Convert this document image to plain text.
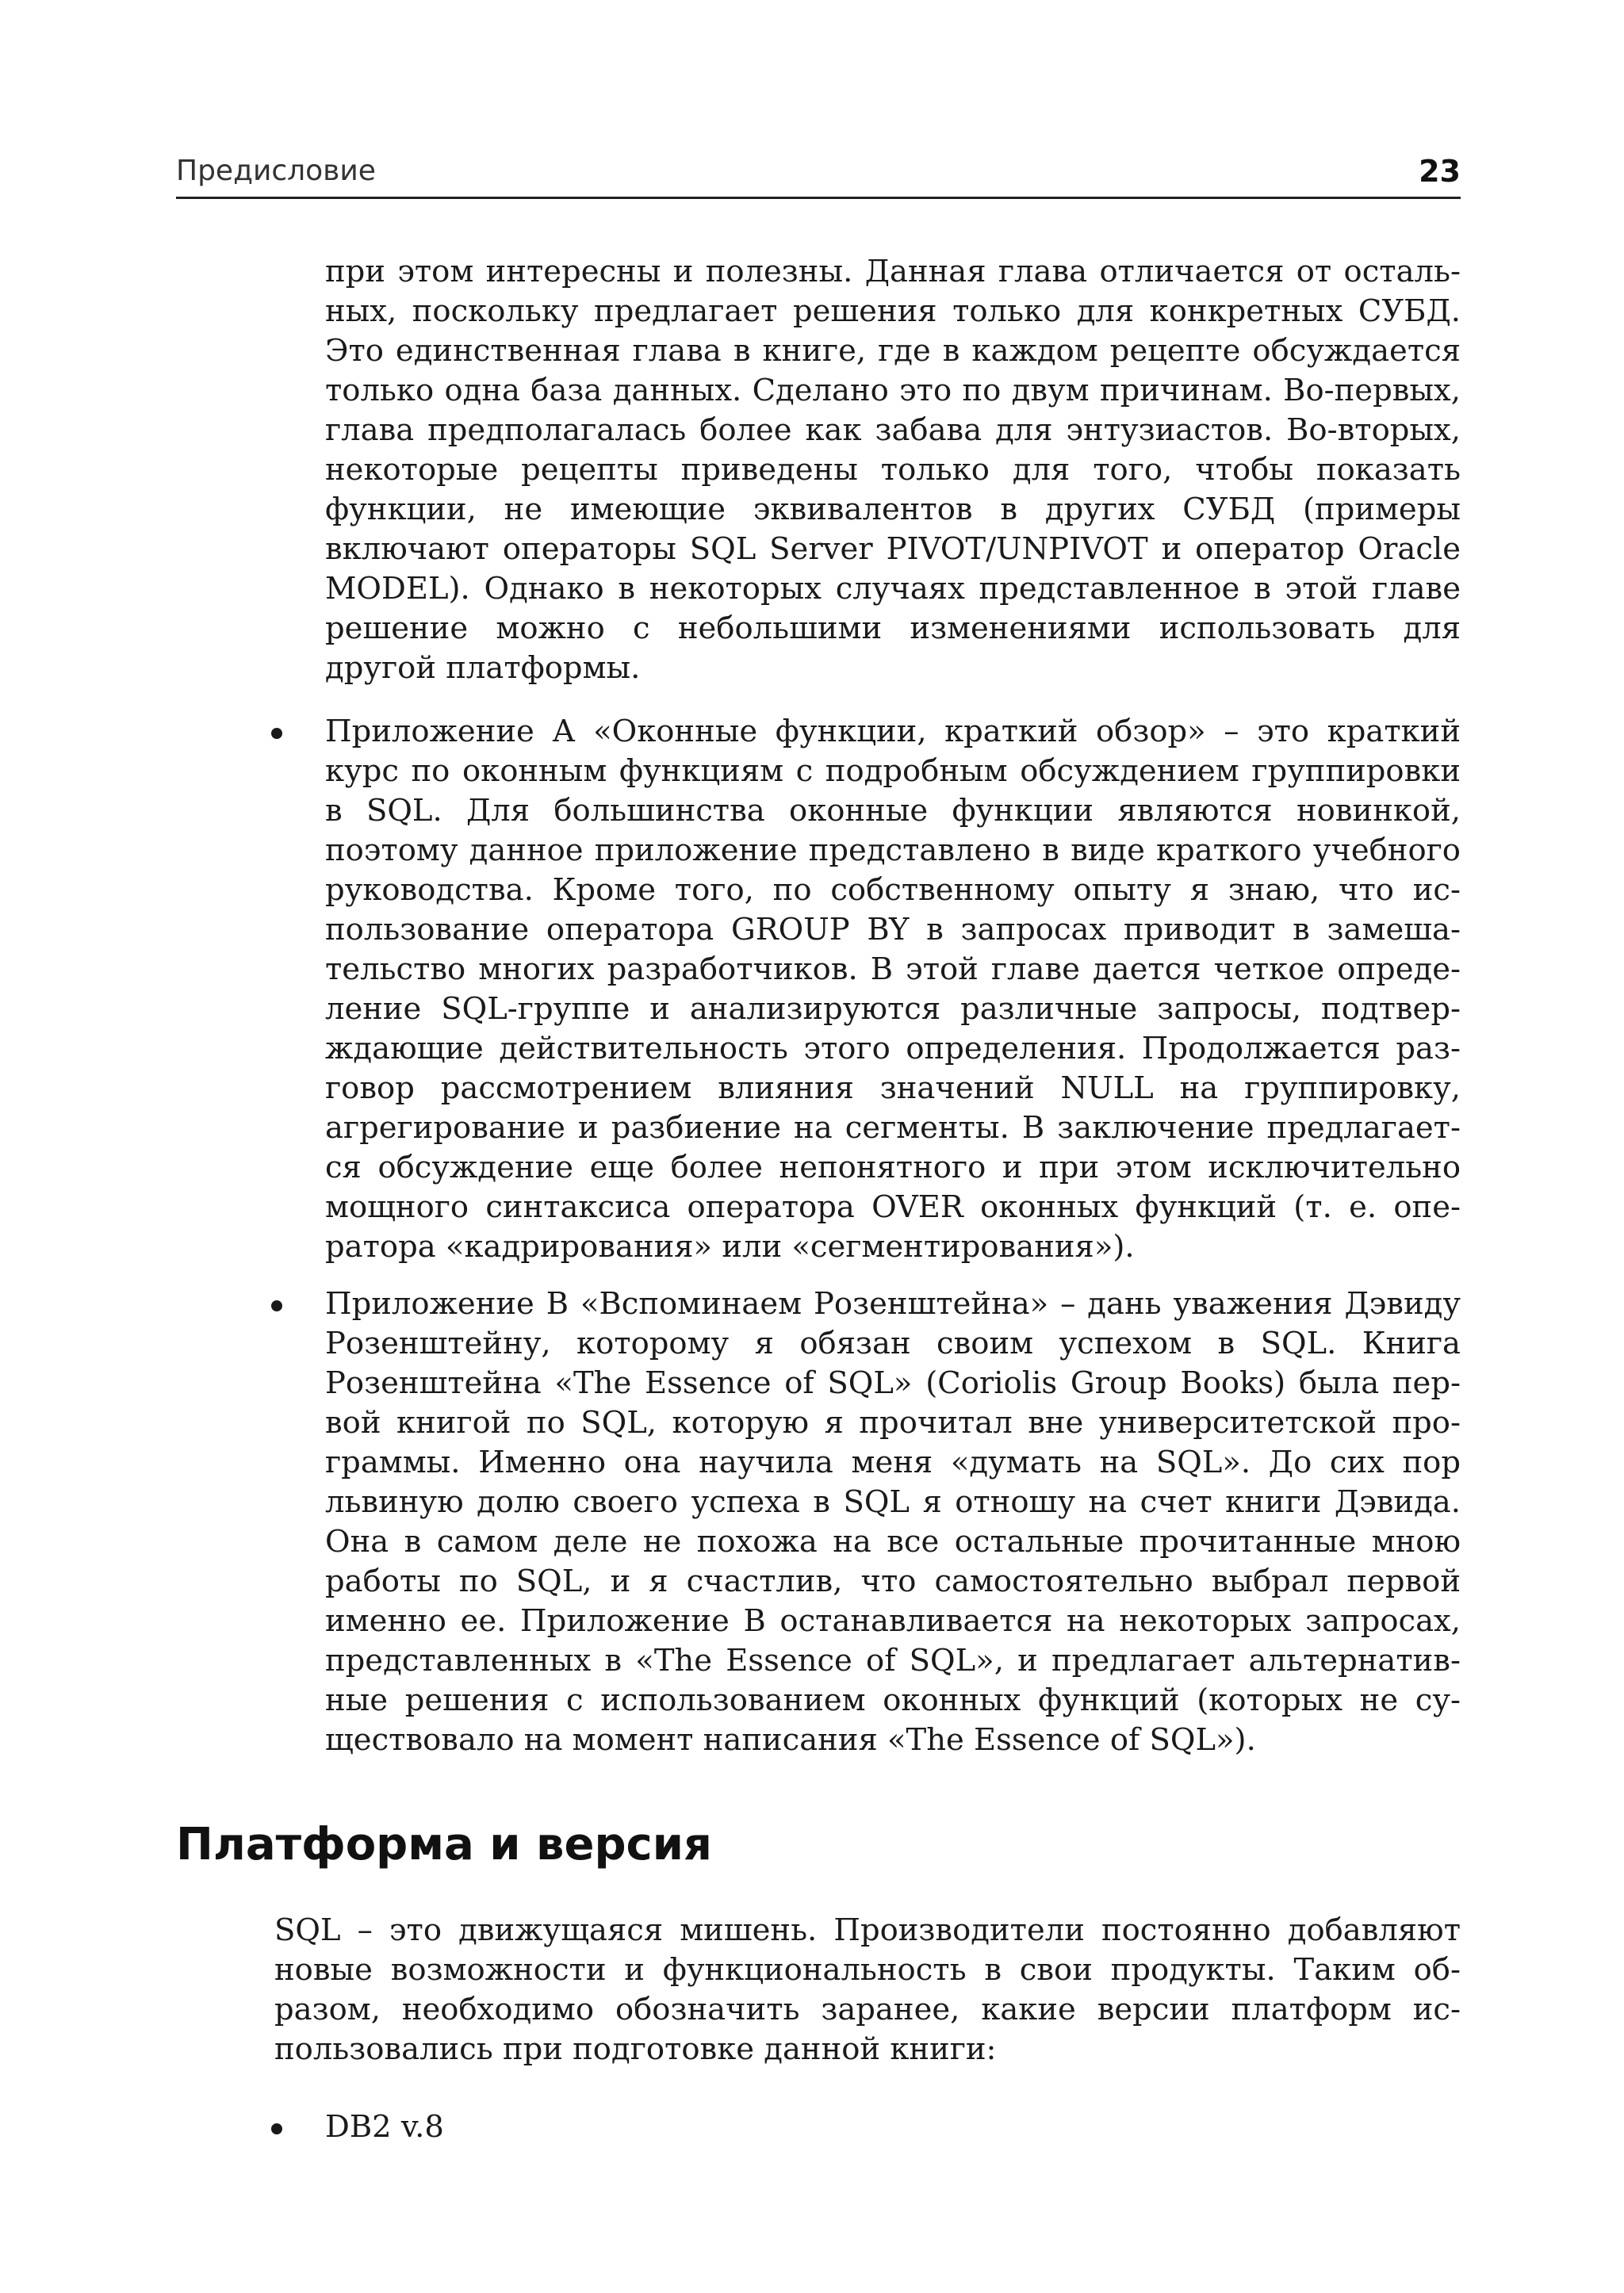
Предисловие	23

при этом интересны и полезны. Данная глава отличается от остальных, поскольку предлагает решения только для конкретных СУБД. Это единственная глава в книге, где в каждом рецепте обсуждается только одна база данных. Сделано это по двум причинам. Во-первых, глава предполагалась более как забава для энтузиастов. Во-вторых, некоторые рецепты приведены только для того, чтобы показать функции, не имеющие эквивалентов в других СУБД (примеры включают операторы SQL Server PIVOT/UNPIVOT и оператор Oracle MODEL). Однако в некоторых случаях представленное в этой главе решение можно с небольшими изменениями использовать для другой платформы.

Приложение А «Оконные функции, краткий обзор» – это краткий курс по оконным функциям с подробным обсуждением группировки в SQL. Для большинства оконные функции являются новинкой, поэтому данное приложение представлено в виде краткого учебного руководства. Кроме того, по собственному опыту я знаю, что использование оператора GROUP BY в запросах приводит в замешательство многих разработчиков. В этой главе дается четкое определение SQL-группе и анализируются различные запросы, подтверждающие действительность этого определения. Продолжается разговор рассмотрением влияния значений NULL на группировку, агрегирование и разбиение на сегменты. В заключение предлагается обсуждение еще более непонятного и при этом исключительно мощного синтаксиса оператора OVER оконных функций (т. е. оператора «кадрирования» или «сегментирования»).

Приложение В «Вспоминаем Розенштейна» – дань уважения Дэвиду Розенштейну, которому я обязан своим успехом в SQL. Книга Розенштейна «The Essence of SQL» (Coriolis Group Books) была первой книгой по SQL, которую я прочитал вне университетской программы. Именно она научила меня «думать на SQL». До сих пор львиную долю своего успеха в SQL я отношу на счет книги Дэвида. Она в самом деле не похожа на все остальные прочитанные мною работы по SQL, и я счастлив, что самостоятельно выбрал первой именно ее. Приложение В останавливается на некоторых запросах, представленных в «The Essence of SQL», и предлагает альтернативные решения с использованием оконных функций (которых не существовало на момент написания «The Essence of SQL»).

Платформа и версия

SQL – это движущаяся мишень. Производители постоянно добавляют новые возможности и функциональность в свои продукты. Таким образом, необходимо обозначить заранее, какие версии платформ использовались при подготовке данной книги:

DB2 v.8
